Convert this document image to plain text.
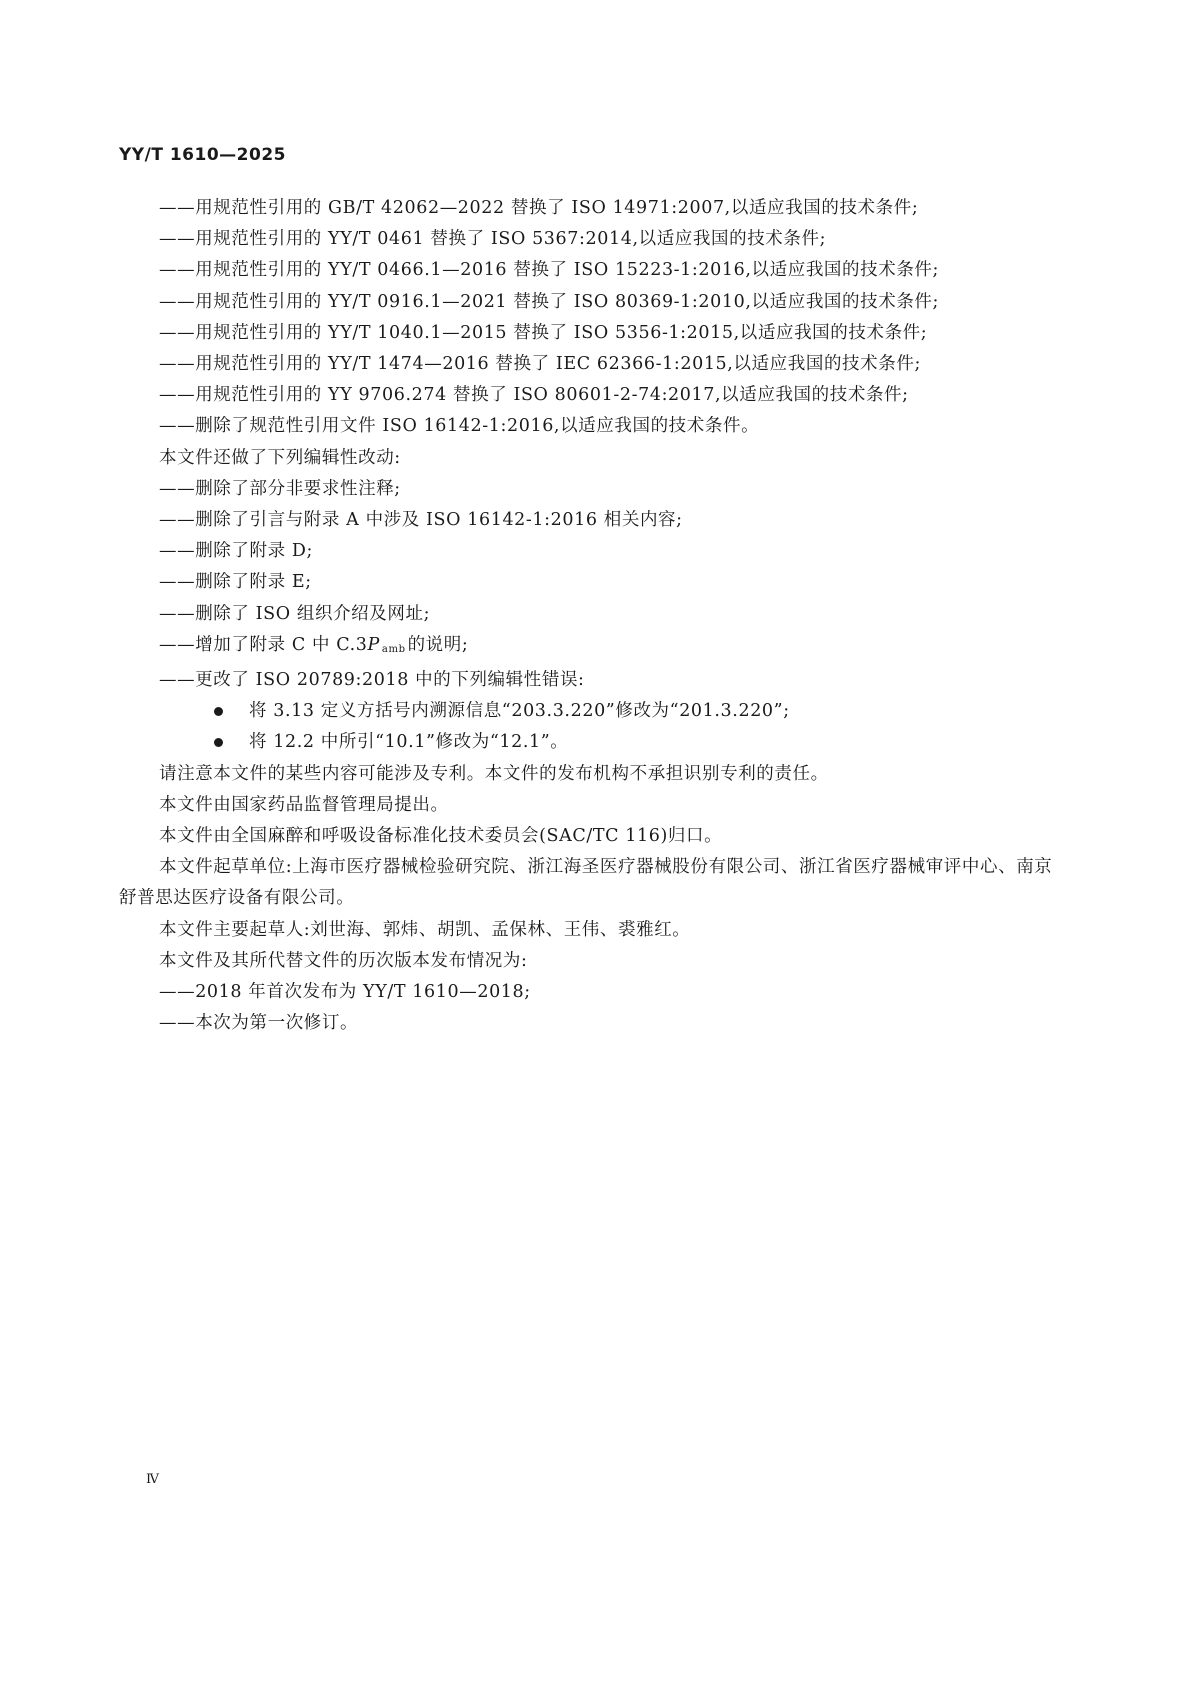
YY/T 1610—2025
——用规范性引用的 GB/T 42062—2022 替换了 ISO 14971:2007,以适应我国的技术条件;
——用规范性引用的 YY/T 0461 替换了 ISO 5367:2014,以适应我国的技术条件;
——用规范性引用的 YY/T 0466.1—2016 替换了 ISO 15223-1:2016,以适应我国的技术条件;
——用规范性引用的 YY/T 0916.1—2021 替换了 ISO 80369-1:2010,以适应我国的技术条件;
——用规范性引用的 YY/T 1040.1—2015 替换了 ISO 5356-1:2015,以适应我国的技术条件;
——用规范性引用的 YY/T 1474—2016 替换了 IEC 62366-1:2015,以适应我国的技术条件;
——用规范性引用的 YY 9706.274 替换了 ISO 80601-2-74:2017,以适应我国的技术条件;
——删除了规范性引用文件 ISO 16142-1:2016,以适应我国的技术条件。
本文件还做了下列编辑性改动:
——删除了部分非要求性注释;
——删除了引言与附录 A 中涉及 ISO 16142-1:2016 相关内容;
——删除了附录 D;
——删除了附录 E;
——删除了 ISO 组织介绍及网址;
——增加了附录 C 中 C.3P amb 的说明;
——更改了 ISO 20789:2018 中的下列编辑性错误:
将 3.13 定义方括号内溯源信息“203.3.220”修改为“201.3.220”;
将 12.2 中所引“10.1”修改为“12.1”。
请注意本文件的某些内容可能涉及专利。本文件的发布机构不承担识别专利的责任。
本文件由国家药品监督管理局提出。
本文件由全国麻醉和呼吸设备标准化技术委员会(SAC/TC 116)归口。
本文件起草单位:上海市医疗器械检验研究院、浙江海圣医疗器械股份有限公司、浙江省医疗器械审评中心、南京舒普思达医疗设备有限公司。
本文件主要起草人:刘世海、郭炜、胡凯、孟保林、王伟、裘雅红。
本文件及其所代替文件的历次版本发布情况为:
——2018 年首次发布为 YY/T 1610—2018;
——本次为第一次修订。
Ⅳ
